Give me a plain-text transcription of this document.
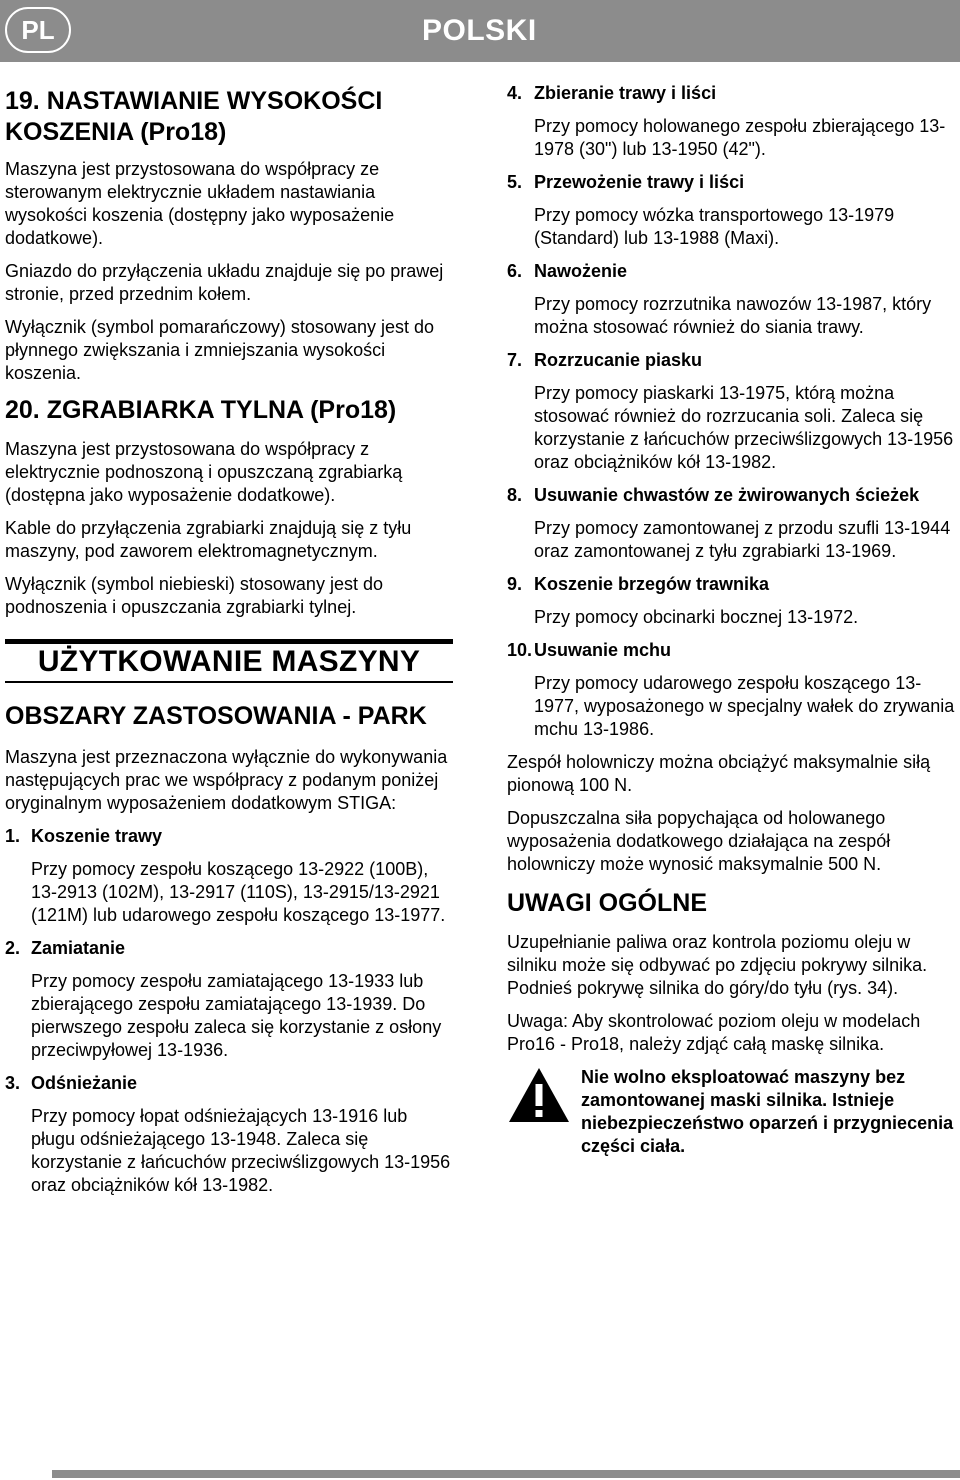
PL	POLSKI

19. NASTAWIANIE WYSOKOŚCI KOSZENIA (Pro18)

Maszyna jest przystosowana do współpracy ze sterowanym elektrycznie układem nastawiania wysokości koszenia (dostępny jako wyposażenie dodatkowe).

Gniazdo do przyłączenia układu znajduje się po prawej stronie, przed przednim kołem.

Wyłącznik (symbol pomarańczowy) stosowany jest do płynnego zwiększania i zmniejszania wysokości koszenia.

20. ZGRABIARKA TYLNA (Pro18)

Maszyna jest przystosowana do współpracy z elektrycznie podnoszoną i opuszczaną zgrabiarką (dostępna jako wyposażenie dodatkowe).

Kable do przyłączenia zgrabiarki znajdują się z tyłu maszyny, pod zaworem elektromagnetycznym.

Wyłącznik (symbol niebieski) stosowany jest do podnoszenia i opuszczania zgrabiarki tylnej.

UŻYTKOWANIE MASZYNY

OBSZARY ZASTOSOWANIA - PARK

Maszyna jest przeznaczona wyłącznie do wykonywania następujących prac we współpracy z podanym poniżej oryginalnym wyposażeniem dodatkowym STIGA:

1. Koszenie trawy

Przy pomocy zespołu koszącego 13-2922 (100B), 13-2913 (102M), 13-2917 (110S), 13-2915/13-2921 (121M) lub udarowego zespołu koszącego 13-1977.

2. Zamiatanie

Przy pomocy zespołu zamiatającego 13-1933 lub zbierającego zespołu zamiatającego 13-1939. Do pierwszego zespołu zaleca się korzystanie z osłony przeciwpyłowej 13-1936.

3. Odśnieżanie

Przy pomocy łopat odśnieżających 13-1916 lub pługu odśnieżającego 13-1948. Zaleca się korzystanie z łańcuchów przeciwślizgowych 13-1956 oraz obciążników kół 13-1982.

4. Zbieranie trawy i liści

Przy pomocy holowanego zespołu zbierającego 13-1978 (30") lub 13-1950 (42").

5. Przewożenie trawy i liści

Przy pomocy wózka transportowego 13-1979 (Standard) lub 13-1988 (Maxi).

6. Nawożenie

Przy pomocy rozrzutnika nawozów 13-1987, który można stosować również do siania trawy.

7. Rozrzucanie piasku

Przy pomocy piaskarki 13-1975, którą można stosować również do rozrzucania soli. Zaleca się korzystanie z łańcuchów przeciwślizgowych 13-1956 oraz obciążników kół 13-1982.

8. Usuwanie chwastów ze żwirowanych ścieżek

Przy pomocy zamontowanej z przodu szufli 13-1944 oraz zamontowanej z tyłu zgrabiarki 13-1969.

9. Koszenie brzegów trawnika

Przy pomocy obcinarki bocznej 13-1972.

10. Usuwanie mchu

Przy pomocy udarowego zespołu koszącego 13-1977, wyposażonego w specjalny wałek do zrywania mchu 13-1986.

Zespół holowniczy można obciążyć maksymalnie siłą pionową 100 N.

Dopuszczalna siła popychająca od holowanego wyposażenia dodatkowego działająca na zespół holowniczy może wynosić maksymalnie 500 N.

UWAGI OGÓLNE

Uzupełnianie paliwa oraz kontrola poziomu oleju w silniku może się odbywać po zdjęciu pokrywy silnika. Podnieś pokrywę silnika do góry/do tyłu (rys. 34).

Uwaga: Aby skontrolować poziom oleju w modelach Pro16 - Pro18, należy zdjąć całą maskę silnika.

Nie wolno eksploatować maszyny bez zamontowanej maski silnika. Istnieje niebezpieczeństwo oparzeń i przygniecenia części ciała.
